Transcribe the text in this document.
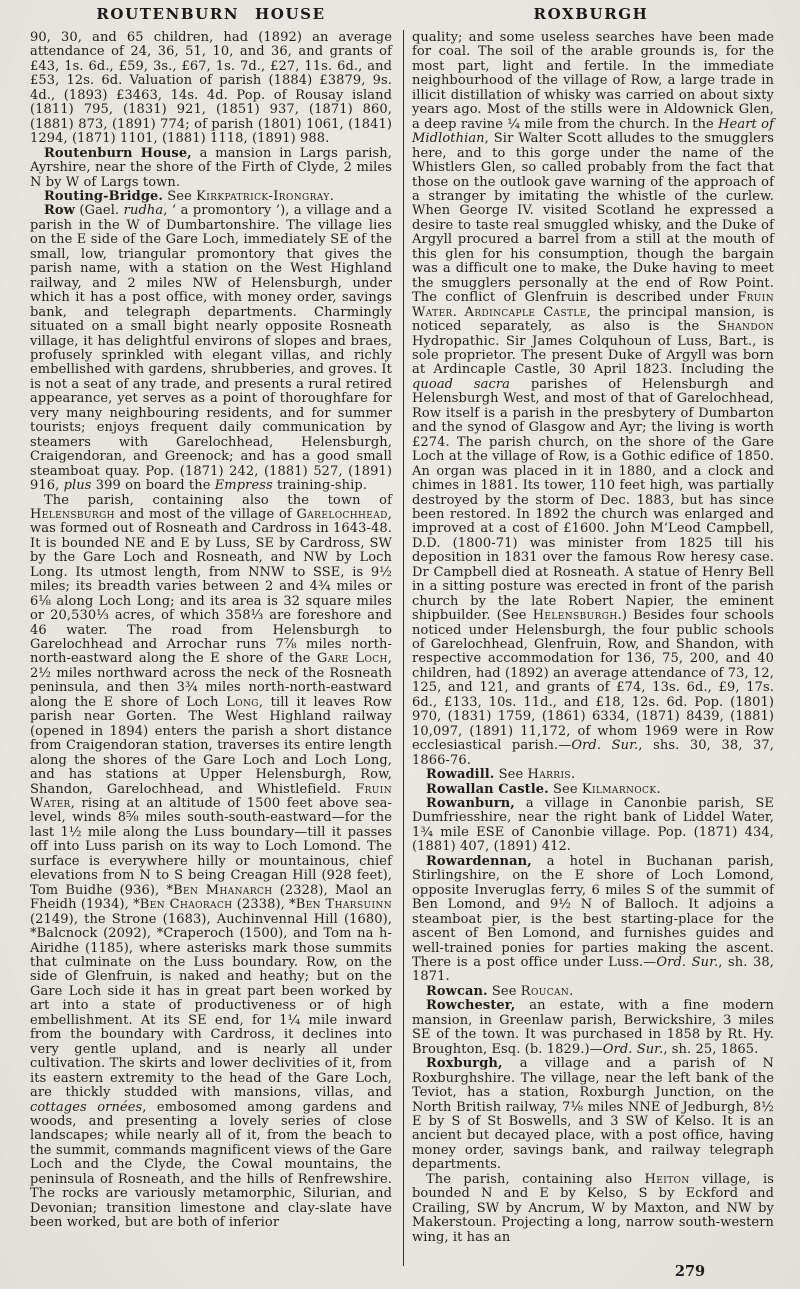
ROUTENBURN HOUSE	ROXBURGH

90, 30, and 65 children, had (1892) an average attendance of 24, 36, 51, 10, and 36, and grants of £43, 1s. 6d., £59, 3s., £67, 1s. 7d., £27, 11s. 6d., and £53, 12s. 6d. Valuation of parish (1884) £3879, 9s. 4d., (1893) £3463, 14s. 4d. Pop. of Rousay island (1811) 795, (1831) 921, (1851) 937, (1871) 860, (1881) 873, (1891) 774; of parish (1801) 1061, (1841) 1294, (1871) 1101, (1881) 1118, (1891) 988.

Routenburn House, a mansion in Largs parish, Ayrshire, near the shore of the Firth of Clyde, 2 miles N by W of Largs town.

Routing-Bridge. See Kirkpatrick-Irongray.

Row (Gael. rudha, ‘ a promontory ’), a village and a parish in the W of Dumbartonshire. The village lies on the E side of the Gare Loch, immediately SE of the small, low, triangular promontory that gives the parish name, with a station on the West Highland railway, and 2 miles NW of Helensburgh, under which it has a post office, with money order, savings bank, and telegraph departments. Charmingly situated on a small bight nearly opposite Rosneath village, it has delightful environs of slopes and braes, profusely sprinkled with elegant villas, and richly embellished with gardens, shrubberies, and groves. It is not a seat of any trade, and presents a rural retired appearance, yet serves as a point of thoroughfare for very many neighbouring residents, and for summer tourists; enjoys frequent daily communication by steamers with Garelochhead, Helensburgh, Craigendoran, and Greenock; and has a good small steamboat quay. Pop. (1871) 242, (1881) 527, (1891) 916, plus 399 on board the Empress training-ship.

The parish, containing also the town of Helensburgh and most of the village of Garelochhead, was formed out of Rosneath and Cardross in 1643-48. It is bounded NE and E by Luss, SE by Cardross, SW by the Gare Loch and Rosneath, and NW by Loch Long. Its utmost length, from NNW to SSE, is 9½ miles; its breadth varies between 2 and 4¾ miles or 6⅛ along Loch Long; and its area is 32 square miles or 20,530⅓ acres, of which 358⅓ are foreshore and 46 water. The road from Helensburgh to Garelochhead and Arrochar runs 7⅞ miles north-north-eastward along the E shore of the Gare Loch, 2½ miles northward across the neck of the Rosneath peninsula, and then 3¾ miles north-north-eastward along the E shore of Loch Long, till it leaves Row parish near Gorten. The West Highland railway (opened in 1894) enters the parish a short distance from Craigendoran station, traverses its entire length along the shores of the Gare Loch and Loch Long, and has stations at Upper Helensburgh, Row, Shandon, Garelochhead, and Whistlefield. Fruin Water, rising at an altitude of 1500 feet above sea-level, winds 8⅝ miles south-south-eastward—for the last 1½ mile along the Luss boundary—till it passes off into Luss parish on its way to Loch Lomond. The surface is everywhere hilly or mountainous, chief elevations from N to S being Creagan Hill (928 feet), Tom Buidhe (936), *Ben Mhanarch (2328), Maol an Fheidh (1934), *Ben Chaorach (2338), *Ben Tharsuinn (2149), the Strone (1683), Auchinvennal Hill (1680), *Balcnock (2092), *Craperoch (1500), and Tom na h-Airidhe (1185), where asterisks mark those summits that culminate on the Luss boundary. Row, on the side of Glenfruin, is naked and heathy; but on the Gare Loch side it has in great part been worked by art into a state of productiveness or of high embellishment. At its SE end, for 1¼ mile inward from the boundary with Cardross, it declines into very gentle upland, and is nearly all under cultivation. The skirts and lower declivities of it, from its eastern extremity to the head of the Gare Loch, are thickly studded with mansions, villas, and cottages ornées, embosomed among gardens and woods, and presenting a lovely series of close landscapes; while nearly all of it, from the beach to the summit, commands magnificent views of the Gare Loch and the Clyde, the Cowal mountains, the peninsula of Rosneath, and the hills of Renfrewshire. The rocks are variously metamorphic, Silurian, and Devonian; transition limestone and clay-slate have been worked, but are both of inferior

quality; and some useless searches have been made for coal. The soil of the arable grounds is, for the most part, light and fertile. In the immediate neighbourhood of the village of Row, a large trade in illicit distillation of whisky was carried on about sixty years ago. Most of the stills were in Aldownick Glen, a deep ravine ¼ mile from the church. In the Heart of Midlothian, Sir Walter Scott alludes to the smugglers here, and to this gorge under the name of the Whistlers Glen, so called probably from the fact that those on the outlook gave warning of the approach of a stranger by imitating the whistle of the curlew. When George IV. visited Scotland he expressed a desire to taste real smuggled whisky, and the Duke of Argyll procured a barrel from a still at the mouth of this glen for his consumption, though the bargain was a difficult one to make, the Duke having to meet the smugglers personally at the end of Row Point. The conflict of Glenfruin is described under Fruin Water. Ardincaple Castle, the principal mansion, is noticed separately, as also is the Shandon Hydropathic. Sir James Colquhoun of Luss, Bart., is sole proprietor. The present Duke of Argyll was born at Ardincaple Castle, 30 April 1823. Including the quoad sacra parishes of Helensburgh and Helensburgh West, and most of that of Garelochhead, Row itself is a parish in the presbytery of Dumbarton and the synod of Glasgow and Ayr; the living is worth £274. The parish church, on the shore of the Gare Loch at the village of Row, is a Gothic edifice of 1850. An organ was placed in it in 1880, and a clock and chimes in 1881. Its tower, 110 feet high, was partially destroyed by the storm of Dec. 1883, but has since been restored. In 1892 the church was enlarged and improved at a cost of £1600. John M‘Leod Campbell, D.D. (1800-71) was minister from 1825 till his deposition in 1831 over the famous Row heresy case. Dr Campbell died at Rosneath. A statue of Henry Bell in a sitting posture was erected in front of the parish church by the late Robert Napier, the eminent shipbuilder. (See Helensburgh.) Besides four schools noticed under Helensburgh, the four public schools of Garelochhead, Glenfruin, Row, and Shandon, with respective accommodation for 136, 75, 200, and 40 children, had (1892) an average attendance of 73, 12, 125, and 121, and grants of £74, 13s. 6d., £9, 17s. 6d., £133, 10s. 11d., and £18, 12s. 6d. Pop. (1801) 970, (1831) 1759, (1861) 6334, (1871) 8439, (1881) 10,097, (1891) 11,172, of whom 1969 were in Row ecclesiastical parish.—Ord. Sur., shs. 30, 38, 37, 1866-76.

Rowadill. See Harris.

Rowallan Castle. See Kilmarnock.

Rowanburn, a village in Canonbie parish, SE Dumfriesshire, near the right bank of Liddel Water, 1¾ mile ESE of Canonbie village. Pop. (1871) 434, (1881) 407, (1891) 412.

Rowardennan, a hotel in Buchanan parish, Stirlingshire, on the E shore of Loch Lomond, opposite Inveruglas ferry, 6 miles S of the summit of Ben Lomond, and 9½ N of Balloch. It adjoins a steamboat pier, is the best starting-place for the ascent of Ben Lomond, and furnishes guides and well-trained ponies for parties making the ascent. There is a post office under Luss.—Ord. Sur., sh. 38, 1871.

Rowcan. See Roucan.

Rowchester, an estate, with a fine modern mansion, in Greenlaw parish, Berwickshire, 3 miles SE of the town. It was purchased in 1858 by Rt. Hy. Broughton, Esq. (b. 1829.)—Ord. Sur., sh. 25, 1865.

Roxburgh, a village and a parish of N Roxburghshire. The village, near the left bank of the Teviot, has a station, Roxburgh Junction, on the North British railway, 7⅛ miles NNE of Jedburgh, 8½ E by S of St Boswells, and 3 SW of Kelso. It is an ancient but decayed place, with a post office, having money order, savings bank, and railway telegraph departments.

The parish, containing also Heiton village, is bounded N and E by Kelso, S by Eckford and Crailing, SW by Ancrum, W by Maxton, and NW by Makerstoun. Projecting a long, narrow south-western wing, it has an

279
